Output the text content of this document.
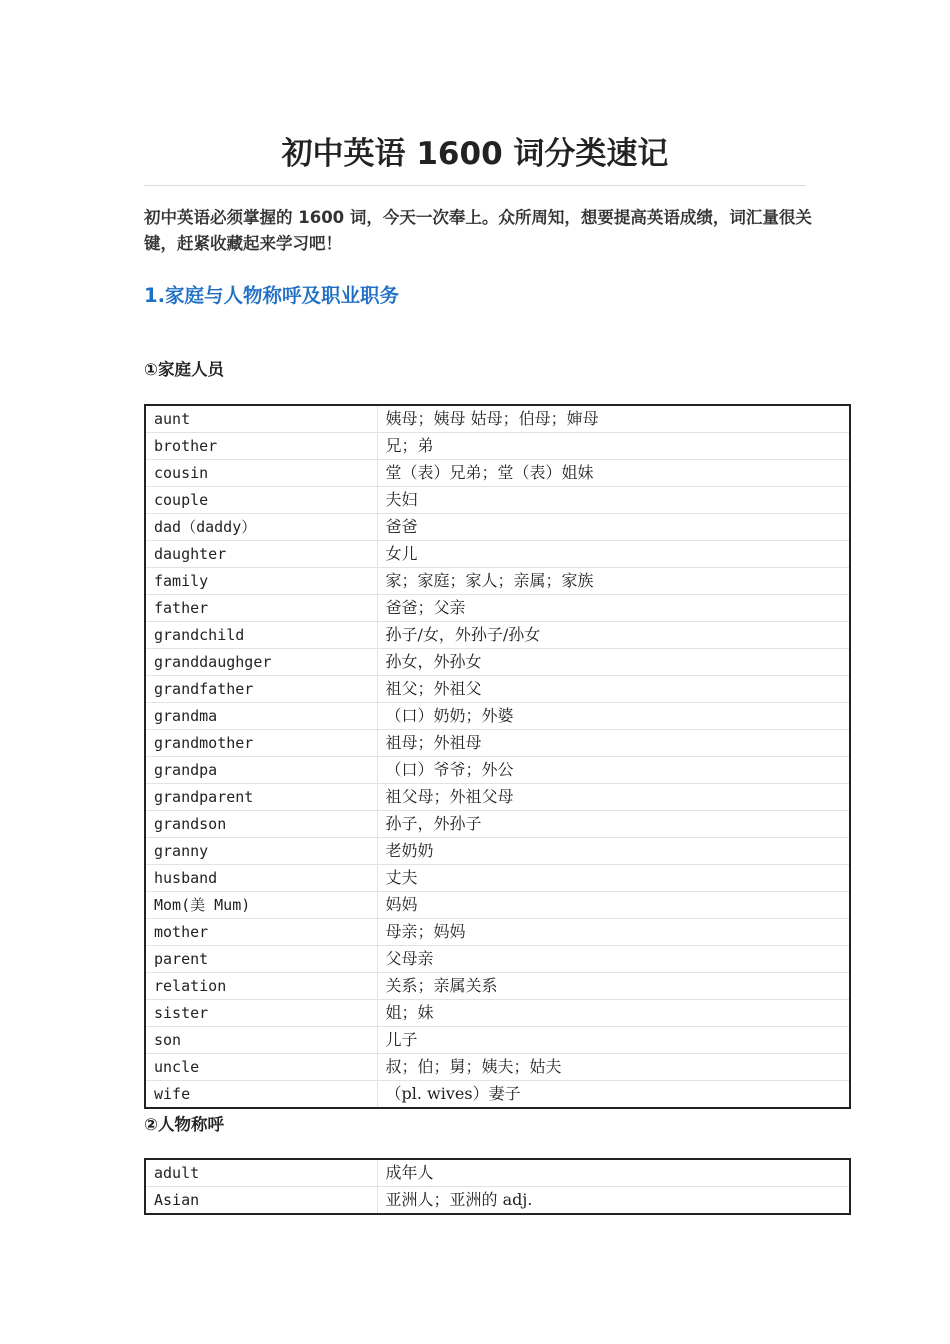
初中英语 1600 词分类速记

初中英语必须掌握的 1600 词，今天一次奉上。众所周知，想要提高英语成绩，词汇量很关键，赶紧收藏起来学习吧！

1.家庭与人物称呼及职业职务
①家庭人员
aunt	姨母；姨母 姑母；伯母；婶母
brother	兄；弟
cousin	堂（表）兄弟；堂（表）姐妹
couple	夫妇
dad（daddy）	爸爸
daughter	女儿
family	家；家庭；家人；亲属；家族
father	爸爸；父亲
grandchild	孙子/女，外孙子/孙女
granddaughger	孙女，外孙女
grandfather	祖父；外祖父
grandma	（口）奶奶；外婆
grandmother	祖母；外祖母
grandpa	（口）爷爷；外公
grandparent	祖父母；外祖父母
grandson	孙子，外孙子
granny	老奶奶
husband	丈夫
Mom(美 Mum)	妈妈
mother	母亲；妈妈
parent	父母亲
relation	关系；亲属关系
sister	姐；妹
son	儿子
uncle	叔；伯；舅；姨夫；姑夫
wife	（pl. wives）妻子
②人物称呼
adult	成年人
Asian	亚洲人；亚洲的 adj.
